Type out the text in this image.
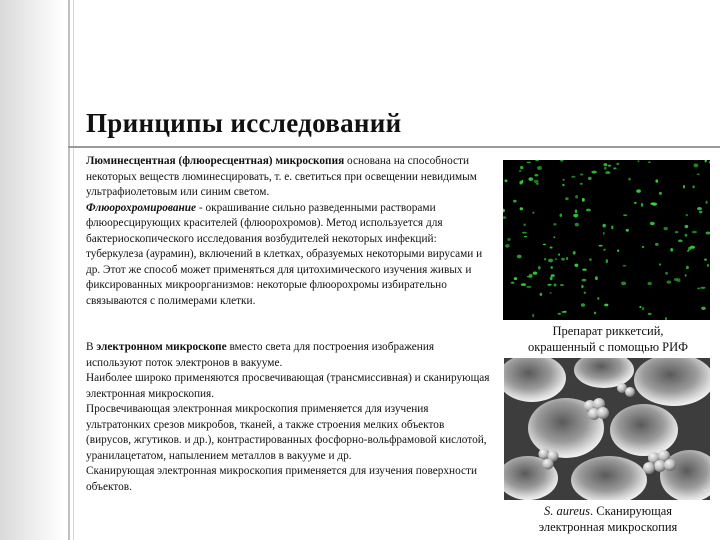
Принципы исследований

Люминесцентная (флюоресцентная) микроскопия основана на способности некоторых веществ люминесцировать, т. е. светиться при освещении невидимым ультрафиолетовым или синим светом.

Флюорохромирование - окрашивание сильно разведенными растворами флюоресцирующих красителей (флюорохромов). Метод используется для бактериоскопического исследования возбудителей некоторых инфекций: туберкулеза (аурамин), включений в клетках, образуемых некоторыми вирусами и др. Этот же способ может применяться для цитохимического изучения живых и фиксированных микроорганизмов: некоторые флюорохромы избирательно связываются с полимерами клетки.

В электронном микроскопе вместо света для построения изображения используют поток электронов в вакууме.

Наиболее широко применяются просвечивающая (трансмиссивная) и сканирующая электронная микроскопия.

Просвечивающая электронная микроскопия применяется для изучения ультратонких срезов микробов, тканей, а также строения мелких объектов (вирусов, жгутиков. и др.), контрастированных фосфорно-вольфрамовой кислотой, уранилацетатом, напылением металлов в вакууме и др.

Сканирующая электронная микроскопия применяется для изучения поверхности объектов.

Препарат риккетсий,
окрашенный с помощью РИФ
1
S. aureus. Сканирующая
электронная микроскопия
